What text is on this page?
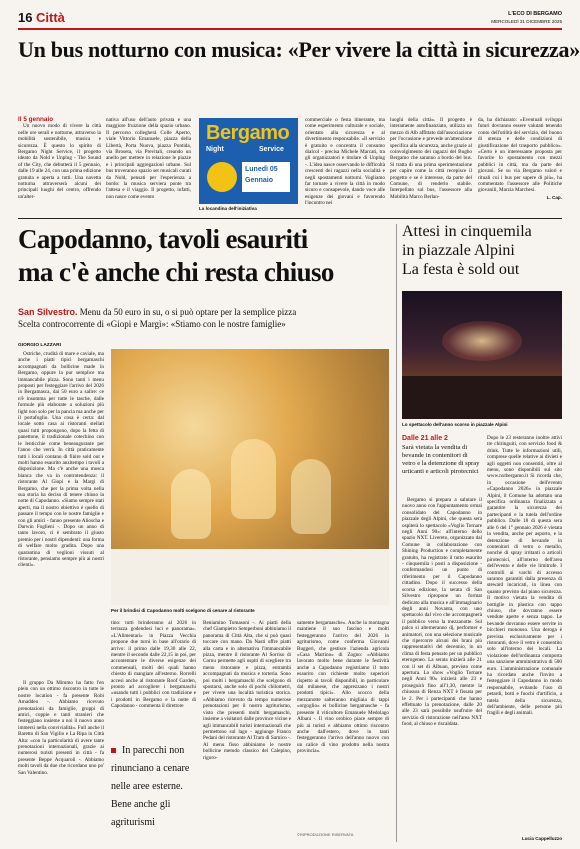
16 Città	L'ECO DI BERGAMO
MERCOLEDÌ 31 DICEMBRE 2025
Un bus notturno con musica: «Per vivere la città in sicurezza»
Il 5 gennaio

Un nuovo modo di vivere la città nelle ore serali e notturne, attraverso la mobilità sostenibile, musica e sicurezza. È questo lo spirito di Bergamo Night Service, il progetto ideato da Nold e Unplug - The Sound of the City, che debutterà il 5 gennaio, dalle 19 alle 24, con una prima edizione gratuita e aperta a tutti. Una navetta notturna attraverserà alcuni dei principali luoghi del centro, offrendo un'alter-

nativa all'uso dell'auto privata e una maggiore fruizione della spazio urbano. Il percorso collegherà Colle Aperto, viale Vittorio Emanuele, piazza della Libertà, Porta Nuova, piazza Pontida, via Broseta, via Previtali, creando un anello per mettere in relazione le piazze e i principali aggregazioni urbane. Sul bus troveranno spazio set musicali curati da Nold, pensati per l'esperienza a bordo: la musica serviera ponte tra l'attesa e il viaggio. Il progetto, infatti, non nasce come evento

Bergamo
Night	Service
Lunedì 05
Gennaio
La locandina dell'iniziativa

commerciale o festa itinerante, ma come esperimento culturale e sociale, orientato alla sicurezza e al divertimento responsabile. «Il servizio è gratuito e concentra il consumo dialcol - precisa Michele Marcati, tra gli organizzatori e titolare di Unplug -. L'idea nasce osservando le difficoltà crescenti dei ragazzi nella socialità e negli spostamenti notturni. Vogliamo far tornare a vivere la città in modo sicuro e consapevole, dando voce alle esigenze dei giovani e favorendo l'incontro nei

luoghi della città». Il progetto è interamente autofinanziato, utilizza un mezzo di Alb affittato dall'associazione per l'occasione e prevede un'attenzione specifica alla sicurezza, anche grazie al coinvolgimento dei ragazzi del Bugbo Bergamo che saranno a bordo del bus. Si tratta di una prima sperimentazione per capire come la città recepisce il progetto e se è interesse, da parte del Comune, di renderlo stabile. Interpellato sul bus, l'assessore alla Mobilità Marco Berlan-

da, ha dichiarato: «Eventuali sviluppi futuri dovranno essere valutati tenendo conto dell'utilità del servizio, del buono di utenza e delle condizioni di giustificazione del trasporto pubblico». «Certo è un interessante proposta per favorire lo spostamento con mezzi pubblici in città, ma da parte dei giovani. Se su via Bergamo valori e rituali cui i bus per sapere di più», ha commentato l'assessore alle Politiche giovanili, Marzia Marchesi.

L. Cap.
Capodanno, tavoli esauriti
ma c'è anche chi resta chiuso
San Silvestro. Menu da 50 euro in su, o si può optare per la semplice pizza
Scelta controcorrente di «Giopi e Margì»: «Stiamo con le nostre famiglie»
GIORGIO LAZZARI

Ostriche, crudità di mare e caviale, ma anche i piatti tipici bergamaschi accompagnati da bollicine made in Bergamo, oppure la pur semplice ma immancabile pizza. Sono tanti i menu proposti per festeggiare l'arrivo del 2026 in Bergamasca, dai 50 euro a salire: ce n'è insomma per tutte le tasche, dalle formule più elaborate a soluzioni più light non solo per la pancia ma anche per il portafoglio. Una cosa è certa: dal locale sotto casa ai ristoranti stellati quasi tutti propongono, dopo la fetta di panettone, il tradizionale cotechino con le lenticchie come beneaugurante per l'anno che verrà. In città praticamente tutti i locali contano di finire sold out e molti hanno esaurito anzitempo i tavoli a disposizione. Ma c'è anche una mosca bianca che va in controtendenza: il ristorante Al Giopì e la Margì di Bergamo, che per la prima volta nella sua storia ha deciso di tenere chiuso la notte di Capodanno. «Siamo sempre stati aperti, ma il nostro obiettivo è quello di passare il tempo con le nostre famiglie e con gli amici - fanno presente Alioscha e Darwin Foglieni -. Dopo un anno di tanto lavoro, ci è sembrato il giusto premio per i nostri dipendenti: una forma di welfare molto gradita. Dopo una quarantina di veglioni vissuti al ristorante, pensiamo sempre più ai nostri clienti».

Il gruppo Da Mimmo ha fatto l'en plein con un ottimo riscontro in tutte le nostre location - fa presente Robi Amaddeo -. Abbiamo ricevuto prenotazioni da famiglie, gruppi di amici, coppie e tanti stranieri che festeggiano insieme a noi il nuovo anno immersi nella convivialità». Full anche il Baretto di San Vigilio e La Ripa in Città Alta: «con la particolarità di avere tante prenotazioni internazionali, grazie ai numerosi turisti presenti in città - fa presente Beppe Acquaroli -. Abbiamo molti tavoli da due che ricordano uno po' San Valentino.

Per il brindisi di Capodanno molti scelgono di cenare al ristorante

tino: tutti brinderanno al 2026 in terrazza godendosi luci e panorama». «L'Alimentari» in Piazza Vecchia propone due turni in base all'orario di arrivo: il primo dalle 19,30 alle 22, mentre il secondo dalle 22,15 in poi, per accontentare le diverse esigenze dei commensali, molti dei quali hanno chiesto di mangiare all'esterno. Rorrelli accesi anche al ristorante Roof Garden, pronto ad accogliere i bergamaschi «usando tutti i pubblici con tradizione e i prodotti in Bergamo e la notte di Capodanno - commenta il direttore

In parecchi non rinunciano a cenare nelle aree esterne. Bene anche gli agriturismi

Beniamino Tomasoni -. Ai piatti della chef Giampietro Semperboni abbiniamo il panorama di Città Alta, che si può quasi toccare con mano. Da Nasti offre piatti alla carta e in alternativa l'immancabile pizza, mentre il ristorante Al Sorriso di Cornu permette agli ospiti di scegliere tra menu ristorante e pizza, entrambi accompagnati da musica e torteria. Sono poi molti i bergamaschi che scelgono di spostarsi, anche solo di pochi chilometri, per vivere una località turistica storica. «Abbiamo ricevuto da tempo numerose prenotazioni per il nostro agriturismo, visto che presenti molti bergamaschi, insieme a visitatori dalle province vicine e agli immancabili turisti internazionali che permettono sul lago - aggiunge Franco Pedani del ristorante Al Tram di Sarnico -. Al menu fisso abbiniamo le nostre bollicine metodo classico del Calepino, rigoro-

samente bergamasche». Anche la montagna mantiene il suo fascino e molti festeggeranno l'arrivo del 2026 in agriturismo, come conferma Giovanni Ruggeri, che gestisce l'azienda agricola «Casa Martino» di Zogno: «Abbiamo lavorato molto bene durante le festività anche a Capodanno registriamo il tutto esaurito con richieste molto superiori rispetto ai tavoli disponibili, in particolare dal milanese, che apprezzano i nostri prodotti tipici». Allo scocco della mezzanotte salteranno migliaia di tappi «orgoglio» ei bollicine bergamasche - fa presente il viticoltore Emanuele Medolago Albani -. Il vino orobico piace sempre di più ai turisti e abbiamo ottimo riscontro anche dall'estero, dove in tanti festeggeranno l'arrivo dell'anno nuovo con un calice di vino prodotto nella nostra provincia».

©RIPRODUZIONE RISERVATA
Attesi in cinquemila
in piazzale Alpini
La festa è sold out
Lo spettacolo dell'anno scorso in piazzale Alpini
Dalle 21 alle 2
Sarà vietata la vendita di bevande in contenitori di vetro e la detenzione di spray urticanti e articoli pirotecnici

Bergamo si prepara a salutare il nuovo anno con l'appuntamento ormai consolidato del Capodanno in piazzale degli Alpini, che questa sera ospiterà lo spettacolo «Voglio Tornare negli Anni 90»: all'interno dello spazio NXT. Livereto, organizzato dal Comune in collaborazione con Shining Production e completamente gratuito, ha registrato il tutto esaurito - cinquemila i posti a disposizione - confermandosi un punto di riferimento per il Capodanno cittadino. Dopo il successo della scorsa edizione, la serata di San Silvestro ripropone un format dedicato alla musica e all'immaginario degli anni Novanta, con uno spettacolo dal vivo che accompagnerà il pubblico verso la mezzanotte. Sul palco si alterneranno dj, performer e animatori, con una selezione musicale che ripercorre alcuni dei brani più rappresentativi del decennio, in un clima di festa pensato per un pubblico eterogeneo. La serata inizierà alle 21 con il set di Albuan, previsto come apertura. Lo show «Voglio Tornare negli Anni 90» inizierà alle 23 e proseguirà fino all'1,30, mentre la chiusura di Renza NXT è fissata per le 2. Per i partecipanti che hanno effettuato la prenotazione, dalle 20 alle 23 sarà possibile usufruire del servizio di ristorazione nell'area NXT food, al chiuso e riscaldata.

Dopo le 23 resteranno inoltre attivi tre chiringuiti, con servizio food & drink. Tutte le informazioni utili, comprese quelle relative ai divieti e agli oggetti non consentiti, oltre al menu, sono disponibili sul sito www.nxtbergamo.it Si ricorda che, in occasione dell'evento «Capodanno 2026» in piazzale Alpini, il Comune ha adottato una specifica ordinanza finalizzata a garantire la sicurezza dei partecipanti e la tutela dell'ordine pubblico. Dalle 18 di questa sera alle 6 del 1° gennaio 2026 è vietata la vendita, anche per asporto, e la detenzione di bevande in contenitori di vetro o metallo, nonché di spray irritanti o articoli pirotecnici, all'interno dell'area dell'evento e delle vie limitrofe. I controlli ai varchi di accesso saranno garantiti dalla presenza di steward incaricati, in linea con quanto previsto dal piano sicurezza. Il motivo vietata la vendita di bottiglie in plastica con tappo chiuso, che dovranno essere vendute aperte e senza tappo. Le bevande dovranno essere servite in bicchieri monouso. Una deroga è prevista esclusivamente per i ristoranti, dove il vetro è consentito solo all'interno dei locali. La violazione dell'ordinanza comporta una sanzione amministrativa di 500 euro. L'amministrazione comunale ha ricordato anche l'invito a festeggiare il Capodanno in modo responsabile, evitando l'uso di petardi, botti e fuochi d'artificio, a tutela della sicurezza, dell'ambiente, delle persone più fragili e degli animali.

Lucia Cappelluzzo
